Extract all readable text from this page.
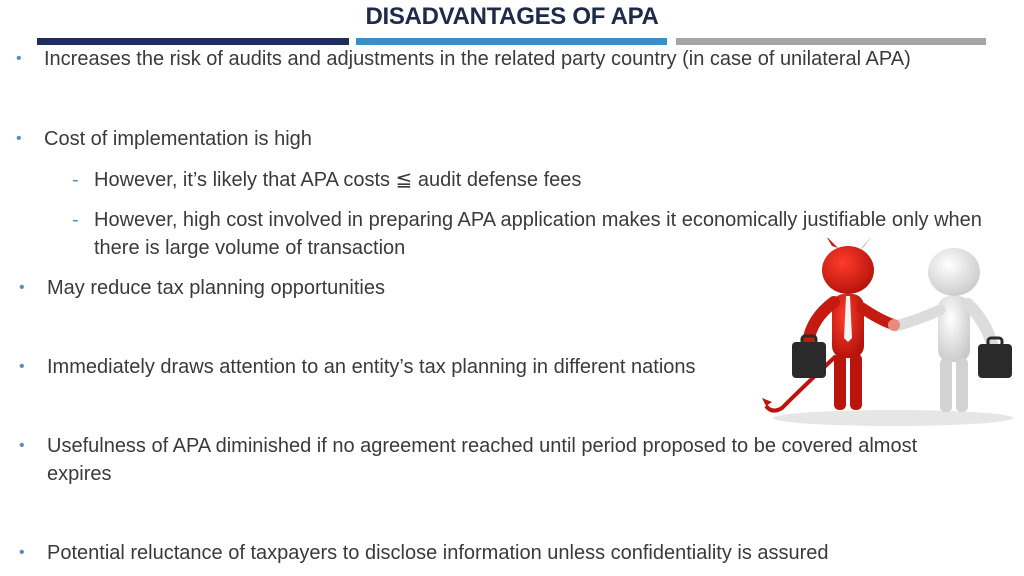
DISADVANTAGES OF APA
• Increases the risk of audits and adjustments in the related party country (in case of unilateral APA)
• Cost of implementation is high
- However, it’s likely that APA costs ≦ audit defense fees
- However, high cost involved in preparing APA application makes it economically justifiable only when there is large volume of transaction
• May reduce tax planning opportunities
• Immediately draws attention to an entity’s tax planning in different nations
• Usefulness of APA diminished if no agreement reached until period proposed to be covered almost expires
• Potential reluctance of taxpayers to disclose information unless confidentiality is assured
